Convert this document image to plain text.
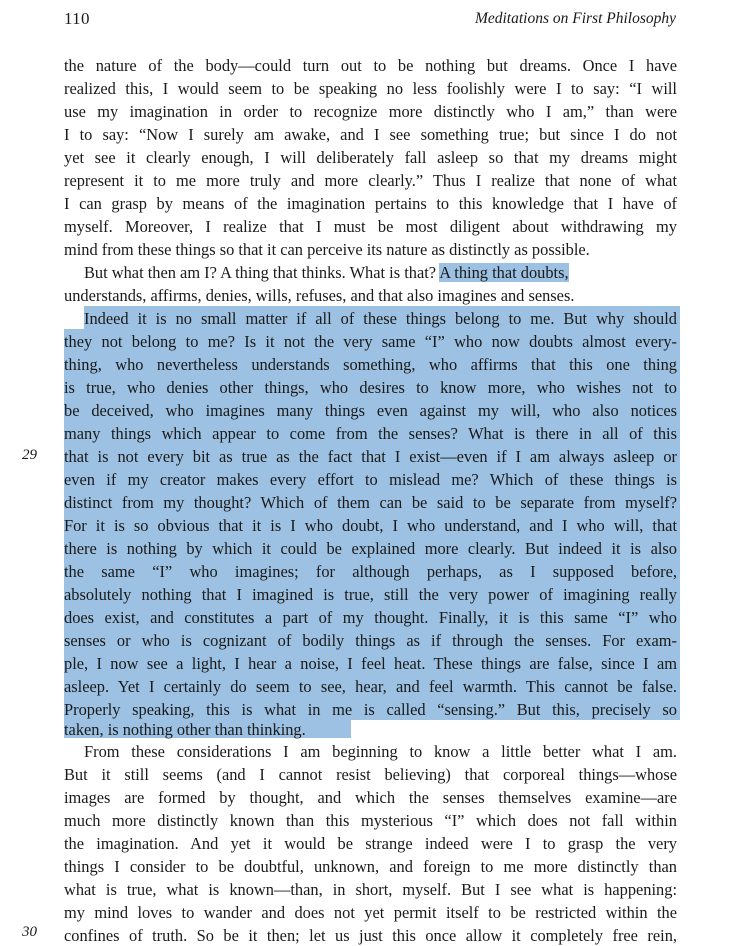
110	Meditations on First Philosophy
the nature of the body—could turn out to be nothing but dreams. Once I have
realized this, I would seem to be speaking no less foolishly were I to say: “I will
use my imagination in order to recognize more distinctly who I am,” than were
I to say: “Now I surely am awake, and I see something true; but since I do not
yet see it clearly enough, I will deliberately fall asleep so that my dreams might
represent it to me more truly and more clearly.” Thus I realize that none of what
I can grasp by means of the imagination pertains to this knowledge that I have of
myself. Moreover, I realize that I must be most diligent about withdrawing my
mind from these things so that it can perceive its nature as distinctly as possible.
But what then am I? A thing that thinks. What is that? A thing that doubts,
understands, affirms, denies, wills, refuses, and that also imagines and senses.
Indeed it is no small matter if all of these things belong to me. But why should
they not belong to me? Is it not the very same “I” who now doubts almost every-
thing, who nevertheless understands something, who affirms that this one thing
is true, who denies other things, who desires to know more, who wishes not to
be deceived, who imagines many things even against my will, who also notices
many things which appear to come from the senses? What is there in all of this
that is not every bit as true as the fact that I exist—even if I am always asleep or
even if my creator makes every effort to mislead me? Which of these things is
distinct from my thought? Which of them can be said to be separate from myself?
For it is so obvious that it is I who doubt, I who understand, and I who will, that
there is nothing by which it could be explained more clearly. But indeed it is also
the same “I” who imagines; for although perhaps, as I supposed before,
absolutely nothing that I imagined is true, still the very power of imagining really
does exist, and constitutes a part of my thought. Finally, it is this same “I” who
senses or who is cognizant of bodily things as if through the senses. For exam-
ple, I now see a light, I hear a noise, I feel heat. These things are false, since I am
asleep. Yet I certainly do seem to see, hear, and feel warmth. This cannot be false.
Properly speaking, this is what in me is called “sensing.” But this, precisely so
taken, is nothing other than thinking.
From these considerations I am beginning to know a little better what I am.
But it still seems (and I cannot resist believing) that corporeal things—whose
images are formed by thought, and which the senses themselves examine—are
much more distinctly known than this mysterious “I” which does not fall within
the imagination. And yet it would be strange indeed were I to grasp the very
things I consider to be doubtful, unknown, and foreign to me more distinctly than
what is true, what is known—than, in short, myself. But I see what is happening:
my mind loves to wander and does not yet permit itself to be restricted within the
confines of truth. So be it then; let us just this once allow it completely free rein,
29
30
